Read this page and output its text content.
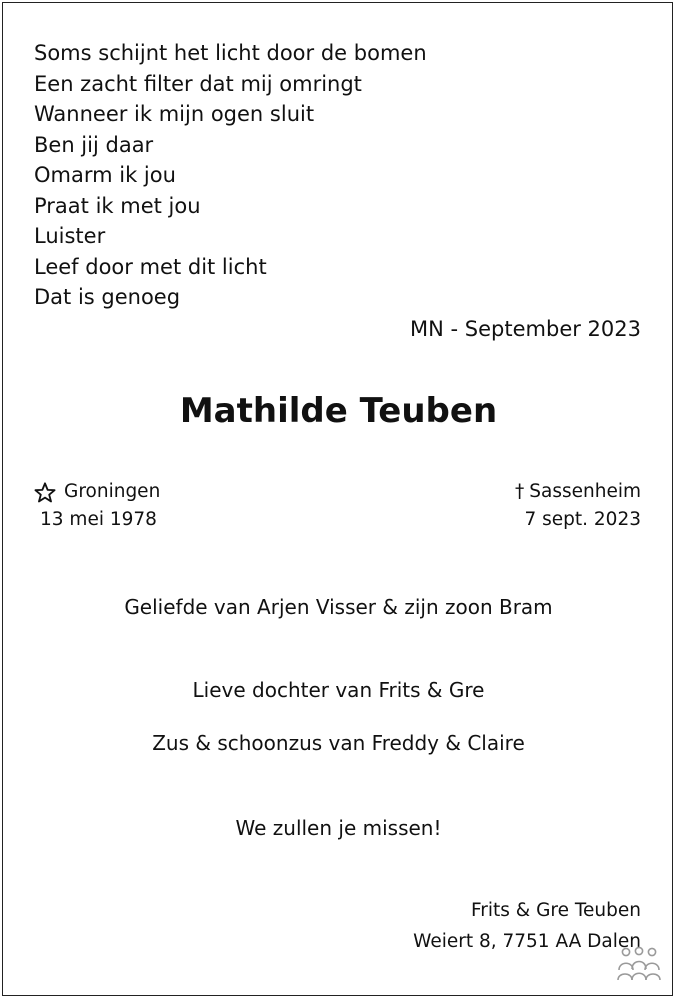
Soms schijnt het licht door de bomen
Een zacht filter dat mij omringt
Wanneer ik mijn ogen sluit
Ben jij daar
Omarm ik jou
Praat ik met jou
Luister
Leef door met dit licht
Dat is genoeg
MN - September 2023
Mathilde Teuben
Groningen
13 mei 1978
† Sassenheim
7 sept. 2023
Geliefde van Arjen Visser & zijn zoon Bram
Lieve dochter van Frits & Gre
Zus & schoonzus van Freddy & Claire
We zullen je missen!
Frits & Gre Teuben
Weiert 8, 7751 AA Dalen
